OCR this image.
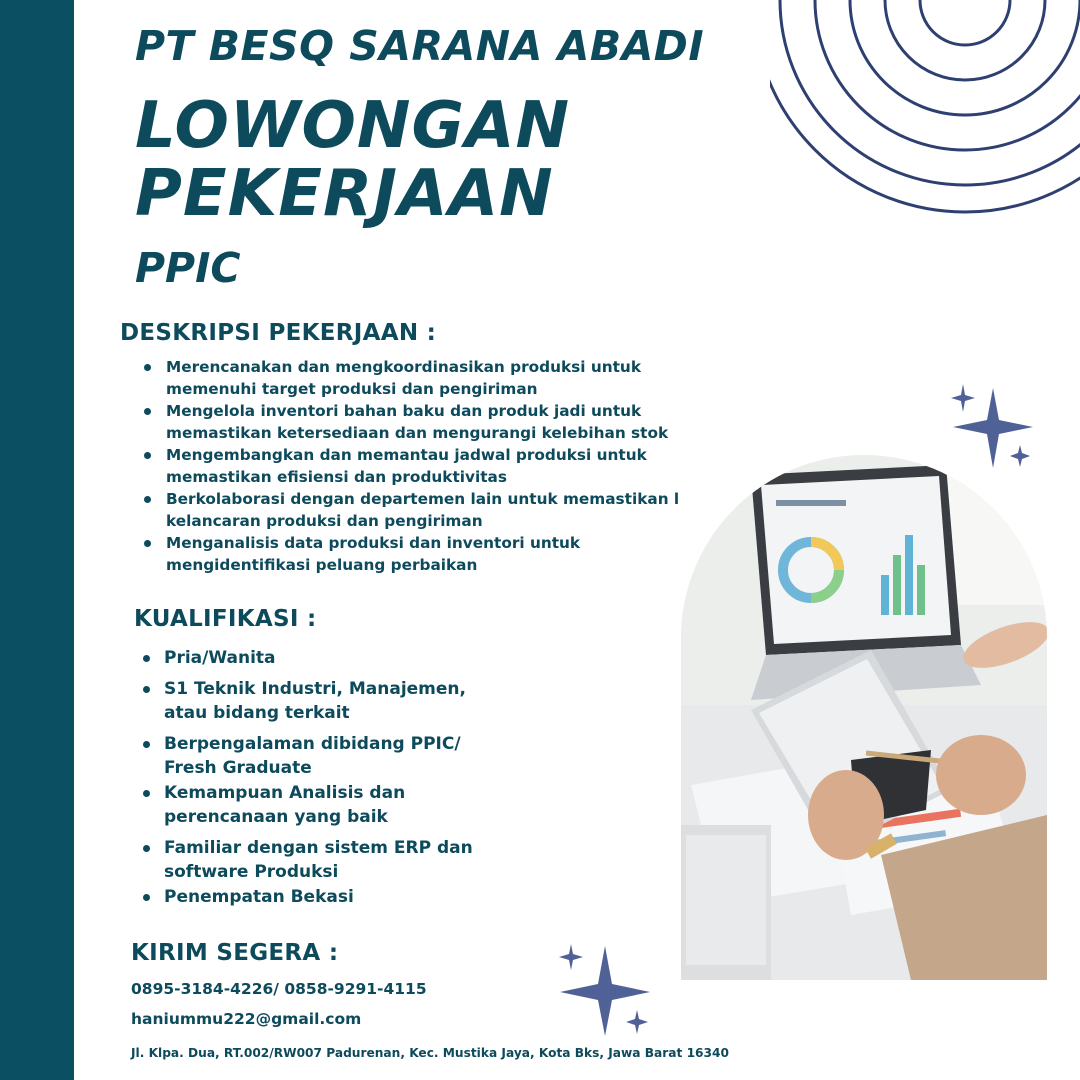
PT BESQ SARANA ABADI
LOWONGAN
PEKERJAAN
PPIC
DESKRIPSI PEKERJAAN :
Merencanakan dan mengkoordinasikan produksi untuk
memenuhi target produksi dan pengiriman
Mengelola inventori bahan baku dan produk jadi untuk
memastikan ketersediaan dan mengurangi kelebihan stok
Mengembangkan dan memantau jadwal produksi untuk
memastikan efisiensi dan produktivitas
Berkolaborasi dengan departemen lain untuk memastikan l
kelancaran produksi dan pengiriman
Menganalisis data produksi dan inventori untuk
mengidentifikasi peluang perbaikan
KUALIFIKASI :
Pria/Wanita
S1 Teknik Industri, Manajemen,
atau bidang terkait
Berpengalaman dibidang PPIC/
Fresh Graduate
Kemampuan Analisis dan
perencanaan yang baik
Familiar dengan sistem ERP dan
software Produksi
Penempatan Bekasi
KIRIM SEGERA :
0895-3184-4226/ 0858-9291-4115
haniummu222@gmail.com
Jl. Klpa. Dua, RT.002/RW007 Padurenan, Kec. Mustika Jaya, Kota Bks, Jawa Barat 16340
